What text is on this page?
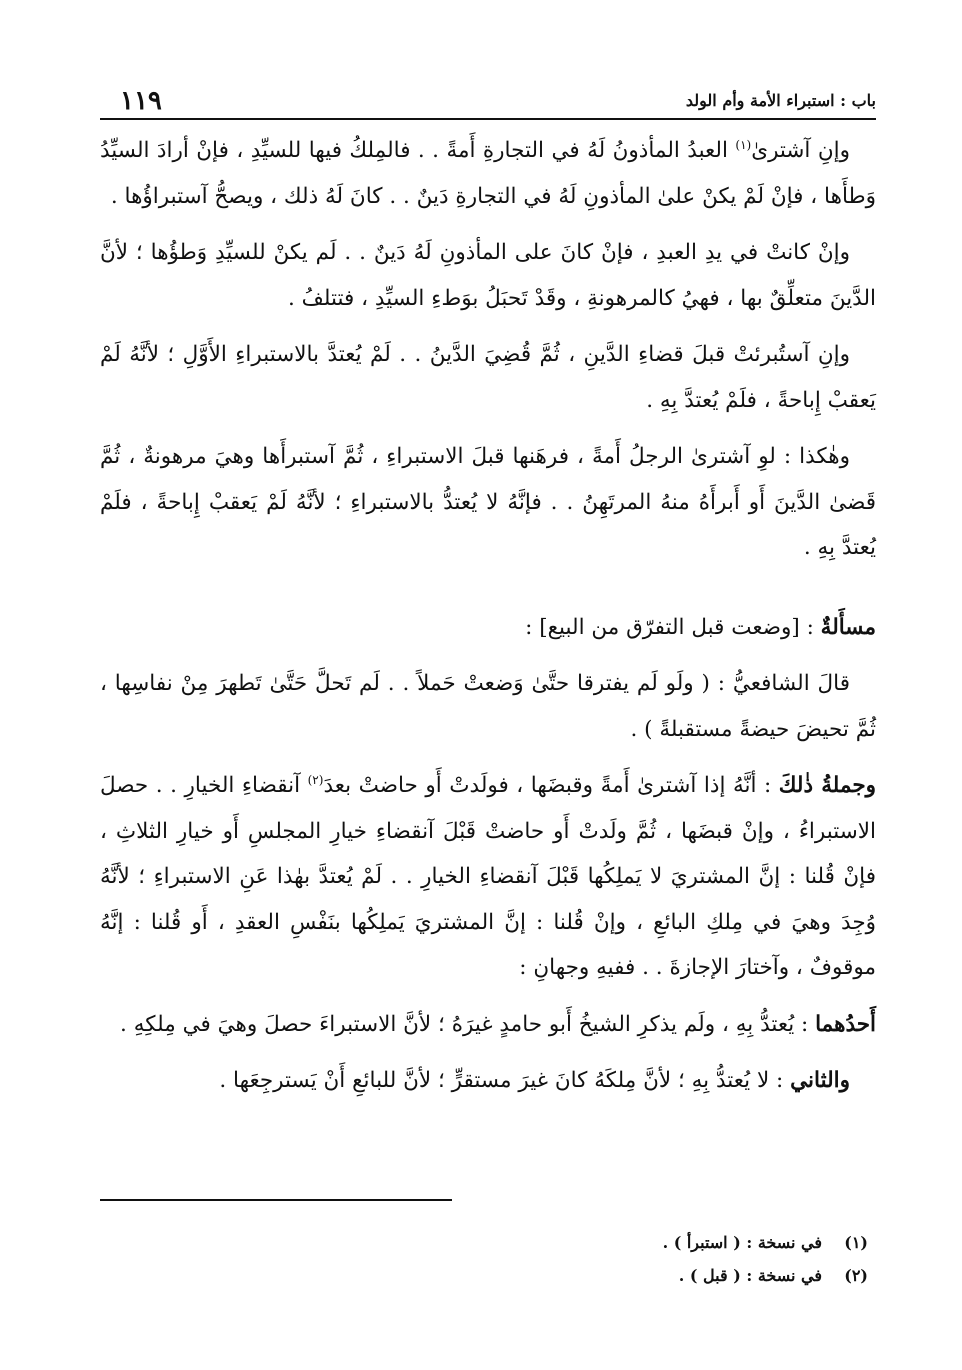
باب : استبراء الأمة وأم الولد
١١٩

وإنِ آشترىٰ$^{(١)}$ العبدُ المأذونُ لَهُ في التجارةِ أَمةً . . فالمِلكُ فيها للسيِّدِ ، فإنْ أرادَ السيِّدُ وَطأَها ، فإنْ لَمْ يكنْ علىٰ المأذونِ لَهُ في التجارةِ دَينٌ . . كانَ لَهُ ذلك ، ويصحُّ آستبراؤُها .

وإنْ كانتْ في يدِ العبدِ ، فإنْ كانَ على المأذونِ لَهُ دَينٌ . . لَم يكنْ للسيِّدِ وَطؤُها ؛ لأنَّ الدَّينَ متعلِّقٌ بها ، فهيُ كالمرهونةِ ، وقَدْ تَحبَلُ بوَطءِ السيِّدِ ، فتتلفُ .

وإنِ آستُبرئتْ قبلَ قضاءِ الدَّينِ ، ثُمَّ قُضِيَ الدَّينُ . . لَمْ يُعتدَّ بالاستبراءِ الأَوَّلِ ؛ لأنَّهُ لَمْ يَعقبْ إِباحةً ، فلَمْ يُعتدَّ بِهِ .

وهٰكذا : لوِ آشترىٰ الرجلُ أَمةً ، فرهَنها قبلَ الاستبراءِ ، ثُمَّ آستبرأَها وهيَ مرهونةٌ ، ثُمَّ قَضىٰ الدَّينَ أَو أَبرأَهُ منهُ المرتَهِنُ . . فإنَّهُ لا يُعتدُّ بالاستبراءِ ؛ لأنَّهُ لَمْ يَعقبْ إِباحةً ، فلَمْ يُعتدَّ بِهِ .

مسأَلةٌ : [وضعت قبل التفرّق من البيع] :

قالَ الشافعيُّ : ( ولَو لَم يفترقا حتَّىٰ وَضعتْ حَملاً . . لَم تَحلَّ حَتَّىٰ تَطهرَ مِنْ نفاسِها ، ثُمَّ تحيضَ حيضةً مستقبلةً ) .

وجملةُ ذٰلكَ : أنَّهُ إذا آشترىٰ أَمةً وقبضَها ، فولَدتْ أَو حاضتْ بعدَ$^{(٢)}$ آنقضاءِ الخيارِ . . حصلَ الاستبراءُ ، وإنْ قبضَها ، ثُمَّ ولَدتْ أَو حاضتْ قَبْلَ آنقضاءِ خيارِ المجلسِ أَو خيارِ الثلاثِ ، فإنْ قُلنا : إنَّ المشتريَ لا يَملِكُها قَبْلَ آنقضاءِ الخيارِ . . لَمْ يُعتدَّ بهٰذا عَنِ الاستبراءِ ؛ لأنَّهُ وُجِدَ وهيَ في مِلكِ البائعِ ، وإنْ قُلنا : إنَّ المشتريَ يَملِكُها بنَفْسِ العقدِ ، أَو قُلنا : إنَّهُ موقوفٌ ، وآختارَ الإجازةَ . . ففيهِ وجهانِ :

أَحدُهما : يُعتدُّ بِهِ ، ولَم يذكرِ الشيخُ أَبو حامدٍ غيرَهُ ؛ لأنَّ الاستبراءَ حصلَ وهيَ في مِلكِهِ .

والثاني : لا يُعتدُّ بِهِ ؛ لأنَّ مِلكَهُ كانَ غيرَ مستقرٍّ ؛ لأنَّ للبائعِ أَنْ يَسترجِعَها .

(١)في نسخة : ( استبرأ ) .
(٢)في نسخة : ( قبل ) .
